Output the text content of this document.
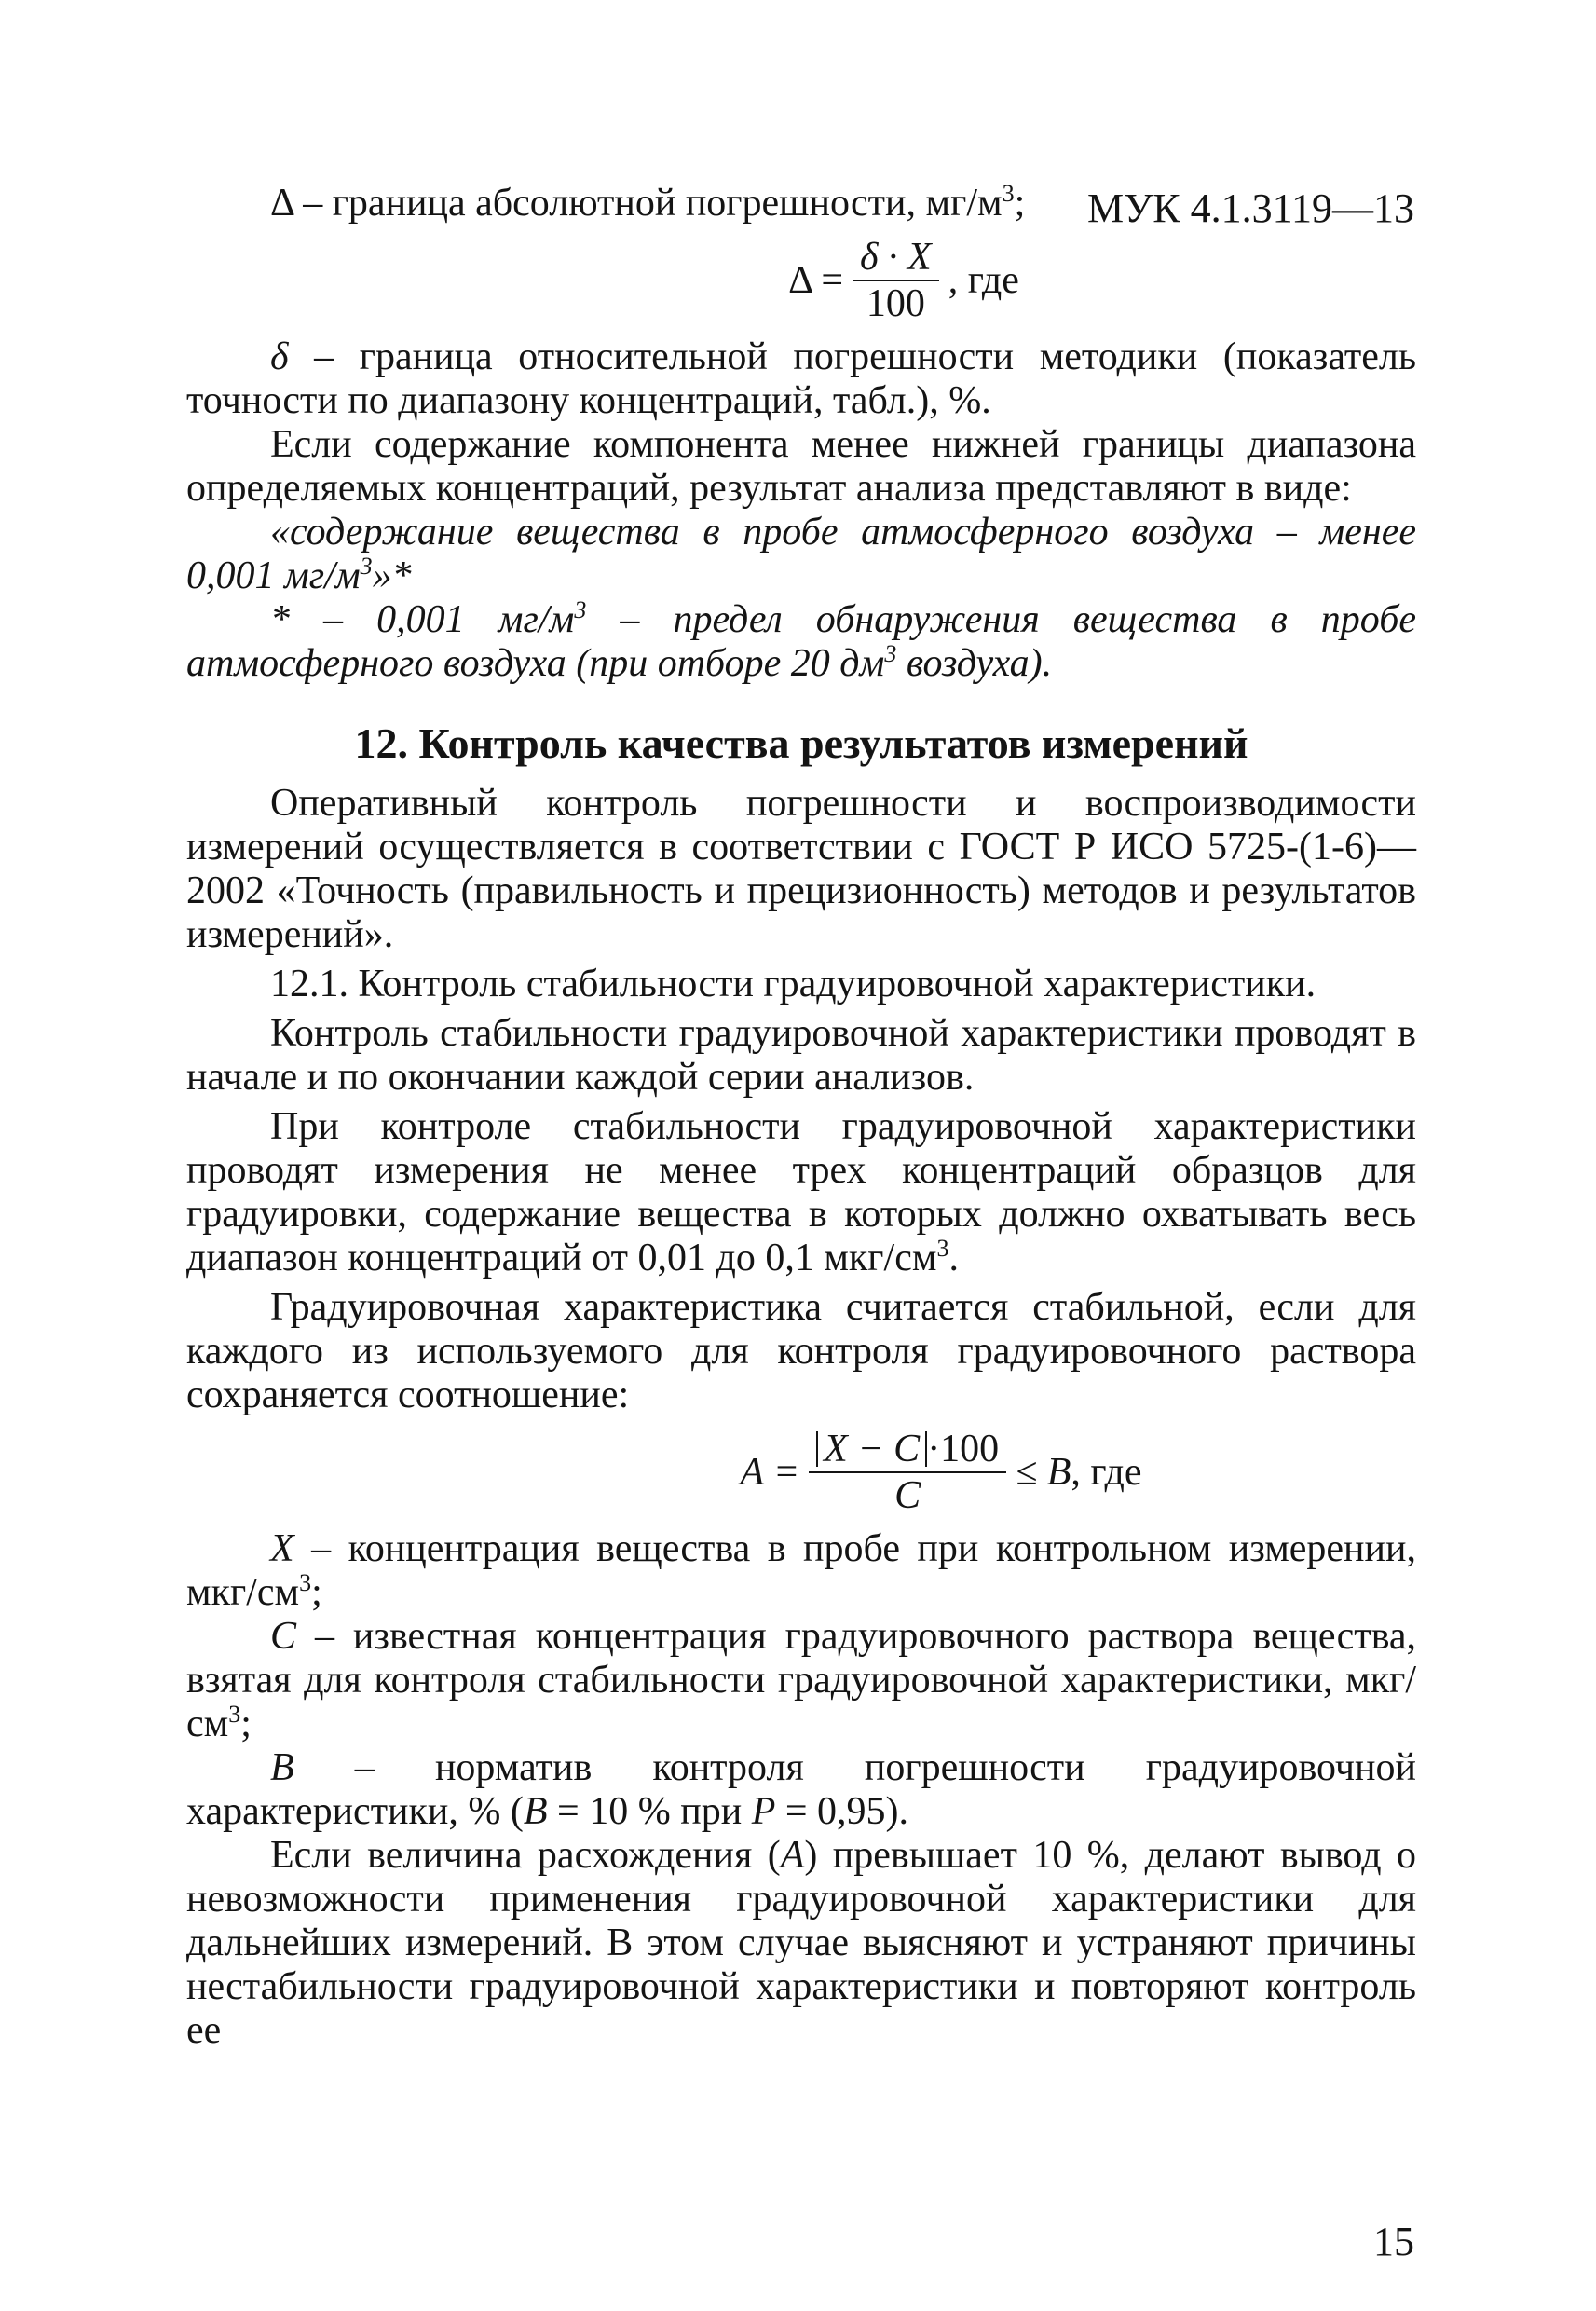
МУК 4.1.3119—13

Δ – граница абсолютной погрешности, $мг/м^3$;

$\Delta = \frac{\delta \cdot X}{100}$ , где

δ – граница относительной погрешности методики (показатель точности по диапазону концентраций, табл.), %.

Если содержание компонента менее нижней границы диапазона определяемых концентраций, результат анализа представляют в виде:

«содержание вещества в пробе атмосферного воздуха – менее 0,001 $мг/м^3»*$

* – 0,001 $мг/м^3$ – предел обнаружения вещества в пробе атмосферного воздуха (при отборе 20 $дм^3$ воздуха).

12. Контроль качества результатов измерений

Оперативный контроль погрешности и воспроизводимости измерений осуществляется в соответствии с ГОСТ Р ИСО 5725-(1-6)—2002 «Точность (правильность и прецизионность) методов и результатов измерений».

12.1. Контроль стабильности градуировочной характеристики.

Контроль стабильности градуировочной характеристики проводят в начале и по окончании каждой серии анализов.

При контроле стабильности градуировочной характеристики проводят измерения не менее трех концентраций образцов для градуировки, содержание вещества в которых должно охватывать весь диапазон концентраций от 0,01 до 0,1 мкг/$см^3$.

Градуировочная характеристика считается стабильной, если для каждого из используемого для контроля градуировочного раствора сохраняется соотношение:

$A = \frac{X - C \cdot 100}{C} \le B$ , где

X – концентрация вещества в пробе при контрольном измерении, мкг/$см^3$;

C – известная концентрация градуировочного раствора вещества, взятая для контроля стабильности градуировочной характеристики, мкг/$см^3$;

B – норматив контроля погрешности градуировочной характеристики, % (B = 10 % при P = 0,95).

Если величина расхождения (A) превышает 10 %, делают вывод о невозможности применения градуировочной характеристики для дальнейших измерений. В этом случае выясняют и устраняют причины нестабильности градуировочной характеристики и повторяют контроль ее

15
